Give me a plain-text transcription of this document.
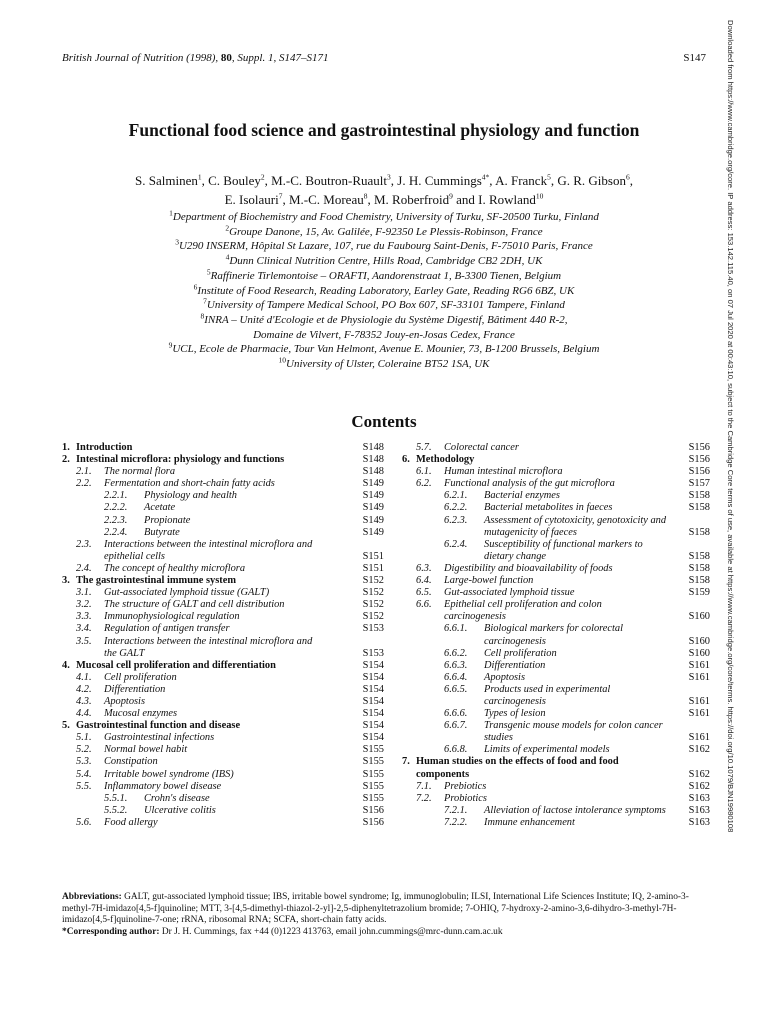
British Journal of Nutrition (1998), 80, Suppl. 1, S147–S171	S147	Downloaded from https://www.cambridge.org/core. IP address: 153.142.115.40, on 07 Jul 2020 at 00:43:10, subject to the Cambridge Core terms of use, available at https://www.cambridge.org/core/terms. https://doi.org/10.1079/BJN19980108
Functional food science and gastrointestinal physiology and function
S. Salminen$^1$, C. Bouley$^2$, M.-C. Boutron-Ruault$^3$, J. H. Cummings$^{4*}$, A. Franck$^5$, G. R. Gibson$^6$,
E. Isolauri$^7$, M.-C. Moreau$^8$, M. Roberfroid$^9$ and I. Rowland$^{10}$
$^1$Department of Biochemistry and Food Chemistry, University of Turku, SF-20500 Turku, Finland
$^2$Groupe Danone, 15, Av. Galilée, F-92350 Le Plessis-Robinson, France
$^3$U290 INSERM, Hôpital St Lazare, 107, rue du Faubourg Saint-Denis, F-75010 Paris, France
$^4$Dunn Clinical Nutrition Centre, Hills Road, Cambridge CB2 2DH, UK
$^5$Raffinerie Tirlemontoise – ORAFTI, Aandorenstraat 1, B-3300 Tienen, Belgium
$^6$Institute of Food Research, Reading Laboratory, Earley Gate, Reading RG6 6BZ, UK
$^7$University of Tampere Medical School, PO Box 607, SF-33101 Tampere, Finland
$^8$INRA – Unité d'Ecologie et de Physiologie du Système Digestif, Bâtiment 440 R-2,
Domaine de Vilvert, F-78352 Jouy-en-Josas Cedex, France
$^9$UCL, Ecole de Pharmacie, Tour Van Helmont, Avenue E. Mounier, 73, B-1200 Brussels, Belgium
$^{10}$University of Ulster, Coleraine BT52 1SA, UK
Contents
1. Introduction	S148
2. Intestinal microflora: physiology and functions	S148
2.1. The normal flora	S148
2.2. Fermentation and short-chain fatty acids	S149
2.2.1. Physiology and health	S149
2.2.2. Acetate	S149
2.2.3. Propionate	S149
2.2.4. Butyrate	S149
2.3. Interactions between the intestinal microflora and
epithelial cells	S151
2.4. The concept of healthy microflora	S151
3. The gastrointestinal immune system	S152
3.1. Gut-associated lymphoid tissue (GALT)	S152
3.2. The structure of GALT and cell distribution	S152
3.3. Immunophysiological regulation	S152
3.4. Regulation of antigen transfer	S153
3.5. Interactions between the intestinal microflora and
the GALT	S153
4. Mucosal cell proliferation and differentiation	S154
4.1. Cell proliferation	S154
4.2. Differentiation	S154
4.3. Apoptosis	S154
4.4. Mucosal enzymes	S154
5. Gastrointestinal function and disease	S154
5.1. Gastrointestinal infections	S154
5.2. Normal bowel habit	S155
5.3. Constipation	S155
5.4. Irritable bowel syndrome (IBS)	S155
5.5. Inflammatory bowel disease	S155
5.5.1. Crohn's disease	S155
5.5.2. Ulcerative colitis	S156
5.6. Food allergy	S156
5.7. Colorectal cancer	S156
6. Methodology	S156
6.1. Human intestinal microflora	S156
6.2. Functional analysis of the gut microflora	S157
6.2.1. Bacterial enzymes	S158
6.2.2. Bacterial metabolites in faeces	S158
6.2.3. Assessment of cytotoxicity, genotoxicity and
mutagenicity of faeces	S158
6.2.4. Susceptibility of functional markers to
dietary change	S158
6.3. Digestibility and bioavailability of foods	S158
6.4. Large-bowel function	S158
6.5. Gut-associated lymphoid tissue	S159
6.6. Epithelial cell proliferation and colon
carcinogenesis	S160
6.6.1. Biological markers for colorectal
carcinogenesis	S160
6.6.2. Cell proliferation	S160
6.6.3. Differentiation	S161
6.6.4. Apoptosis	S161
6.6.5. Products used in experimental
carcinogenesis	S161
6.6.6. Types of lesion	S161
6.6.7. Transgenic mouse models for colon cancer
studies	S161
6.6.8. Limits of experimental models	S162
7. Human studies on the effects of food and food
components	S162
7.1. Prebiotics	S162
7.2. Probiotics	S163
7.2.1. Alleviation of lactose intolerance symptoms S163
7.2.2. Immune enhancement	S163
Abbreviations: GALT, gut-associated lymphoid tissue; IBS, irritable bowel syndrome; Ig, immunoglobulin; ILSI, International Life Sciences Institute; IQ, 2-amino-3-methyl-7H-imidazo[4,5-f]quinoline; MTT, 3-[4,5-dimethyl-thiazol-2-yl]-2,5-diphenyltetrazolium bromide; 7-OHIQ, 7-hydroxy-2-amino-3,6-dihydro-3-methyl-7H-imidazo[4,5-f]quinoline-7-one; rRNA, ribosomal RNA; SCFA, short-chain fatty acids.
*Corresponding author: Dr J. H. Cummings, fax +44 (0)1223 413763, email john.cummings@mrc-dunn.cam.ac.uk
